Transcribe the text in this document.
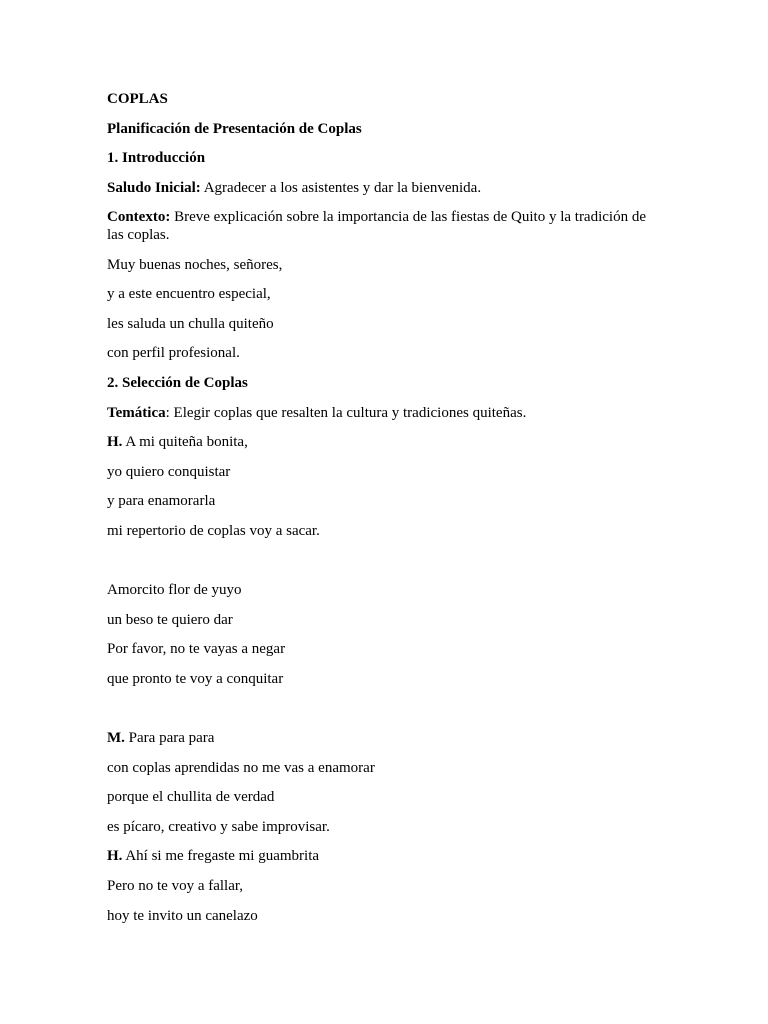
COPLAS
Planificación de Presentación de Coplas
1. Introducción
Saludo Inicial: Agradecer a los asistentes y dar la bienvenida.
Contexto: Breve explicación sobre la importancia de las fiestas de Quito y la tradición de las coplas.
Muy buenas noches, señores,
y a este encuentro especial,
les saluda un chulla quiteño
con perfil profesional.
2. Selección de Coplas
Temática: Elegir coplas que resalten la cultura y tradiciones quiteñas.
H. A mi quiteña bonita,
yo quiero conquistar
y para enamorarla
mi repertorio de coplas voy a sacar.
Amorcito flor de yuyo
un beso te quiero dar
Por favor, no te vayas a negar
que pronto te voy a conquitar
M. Para para para
con coplas aprendidas no me vas a enamorar
porque el chullita de verdad
es pícaro, creativo y sabe improvisar.
H. Ahí si me fregaste mi guambrita
Pero no te voy a fallar,
hoy te invito un canelazo
